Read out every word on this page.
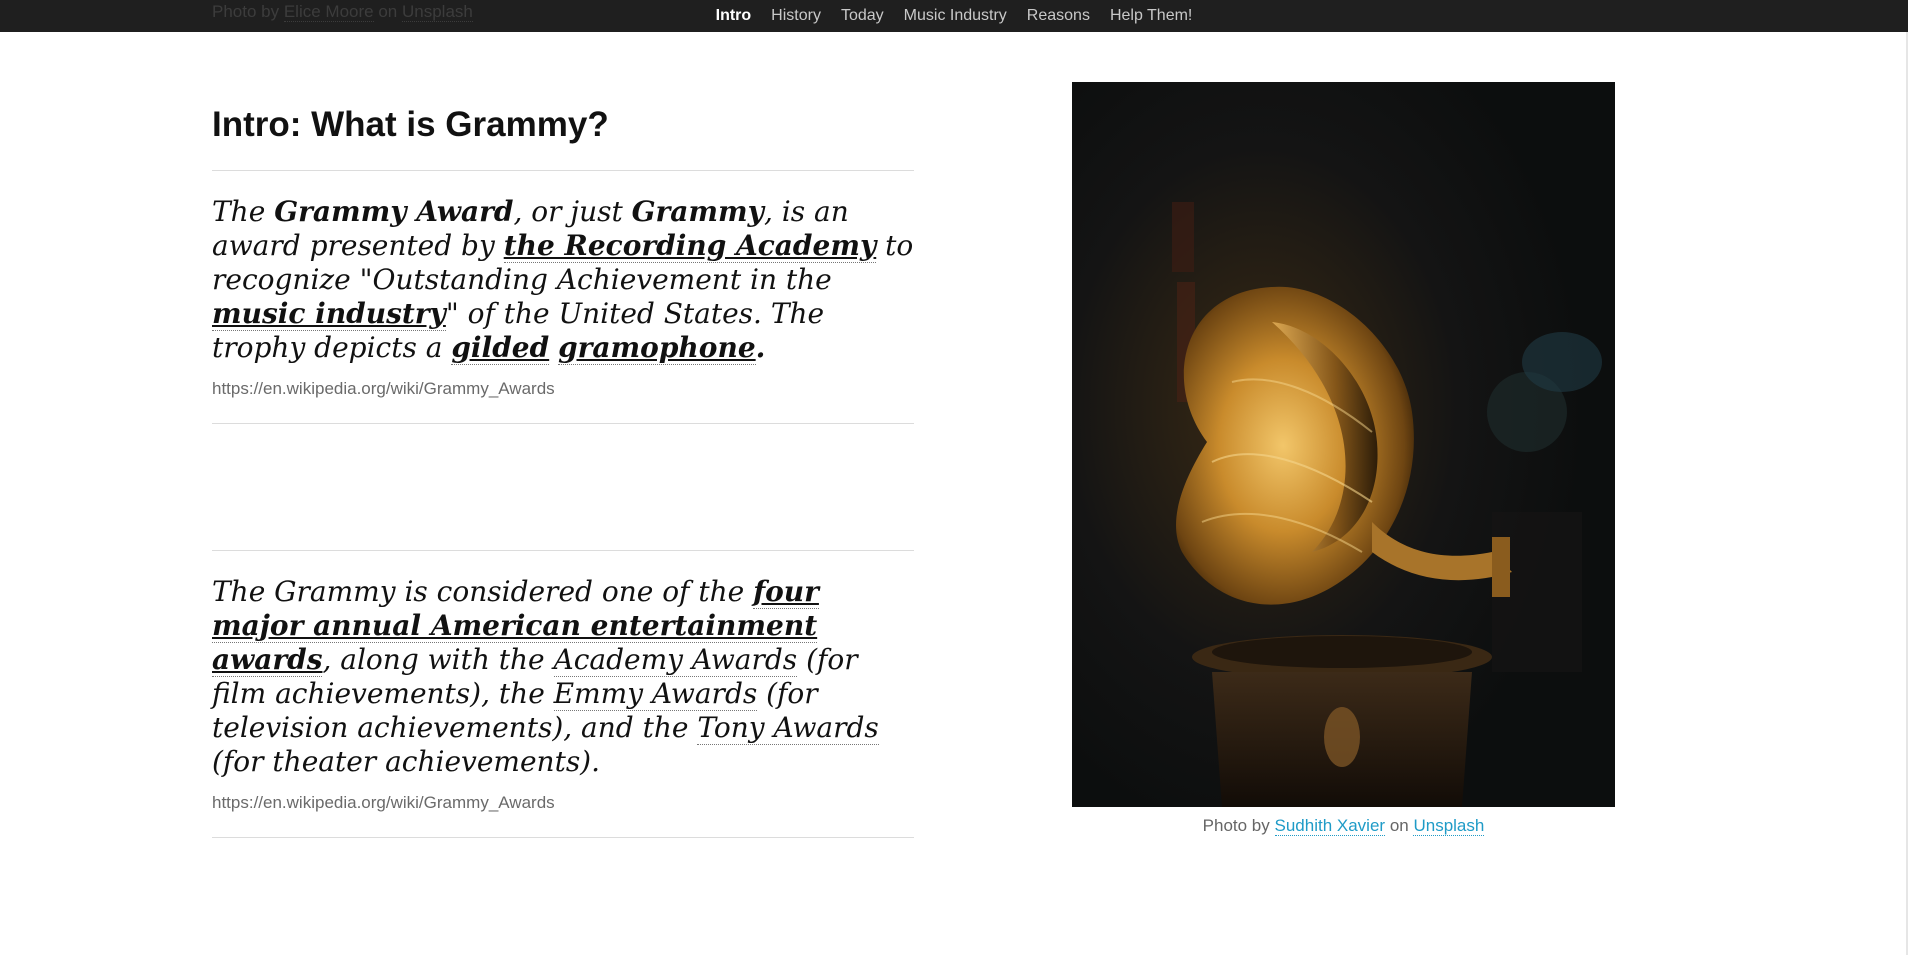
Photo by Elice Moore on Unsplash	Intro History Today Music Industry Reasons Help Them!
Intro: What is Grammy?

The Grammy Award, or just Grammy, is an award presented by the Recording Academy to recognize "Outstanding Achievement in the music industry" of the United States. The trophy depicts a gilded gramophone.

https://en.wikipedia.org/wiki/Grammy_Awards

The Grammy is considered one of the four major annual American entertainment awards, along with the Academy Awards (for film achievements), the Emmy Awards (for television achievements), and the Tony Awards (for theater achievements).

https://en.wikipedia.org/wiki/Grammy_Awards
Photo by Sudhith Xavier on Unsplash
